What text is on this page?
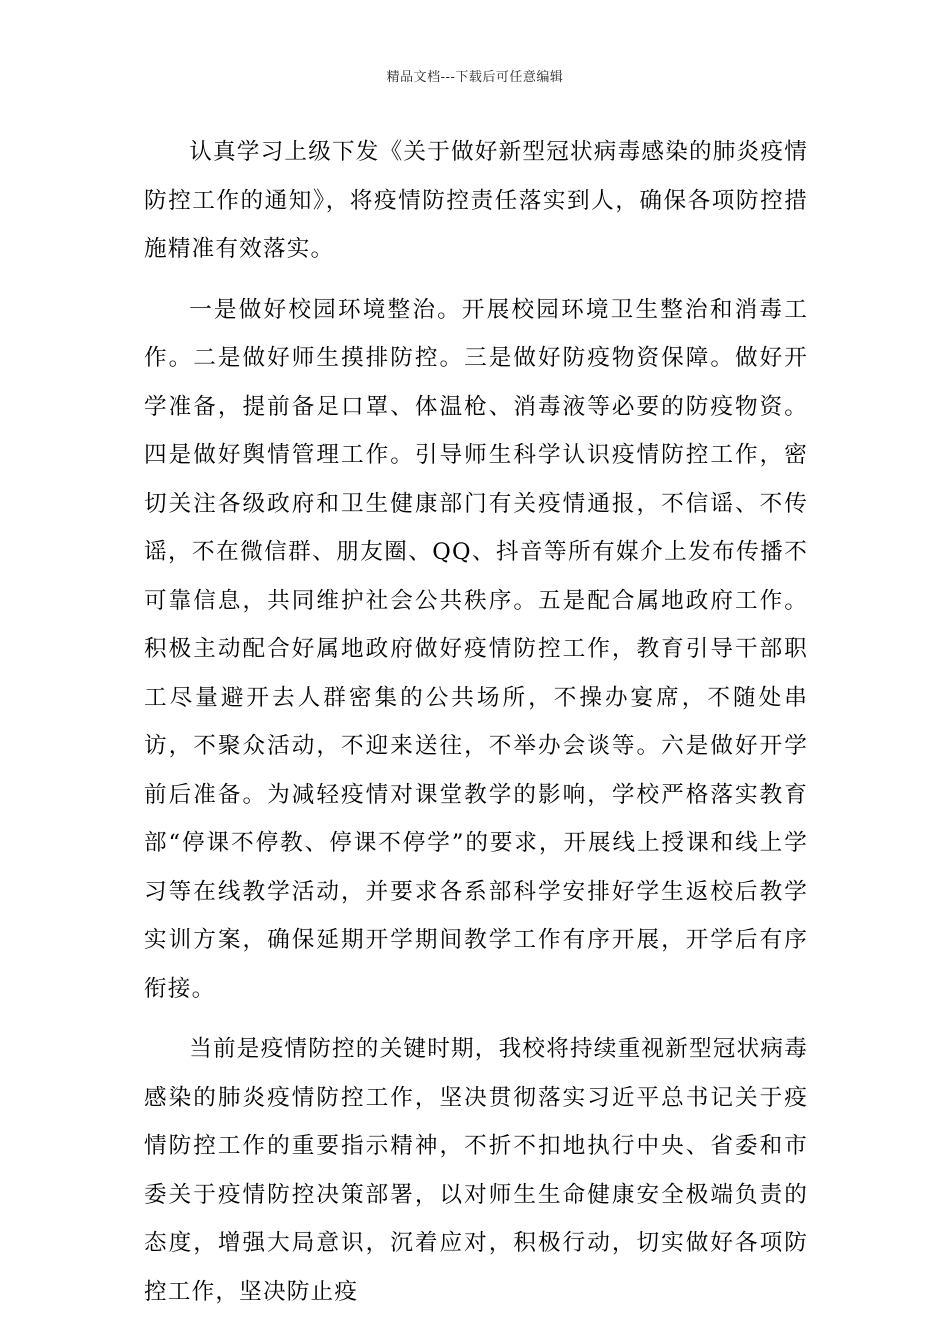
精品文档---下载后可任意编辑

认真学习上级下发《关于做好新型冠状病毒感染的肺炎疫情防控工作的通知》，将疫情防控责任落实到人，确保各项防控措施精准有效落实。

一是做好校园环境整治。开展校园环境卫生整治和消毒工作。二是做好师生摸排防控。三是做好防疫物资保障。做好开学准备，提前备足口罩、体温枪、消毒液等必要的防疫物资。四是做好舆情管理工作。引导师生科学认识疫情防控工作，密切关注各级政府和卫生健康部门有关疫情通报，不信谣、不传谣，不在微信群、朋友圈、QQ、抖音等所有媒介上发布传播不可靠信息，共同维护社会公共秩序。五是配合属地政府工作。积极主动配合好属地政府做好疫情防控工作，教育引导干部职工尽量避开去人群密集的公共场所，不操办宴席，不随处串访，不聚众活动，不迎来送往，不举办会谈等。六是做好开学前后准备。为减轻疫情对课堂教学的影响，学校严格落实教育部“停课不停教、停课不停学”的要求，开展线上授课和线上学习等在线教学活动，并要求各系部科学安排好学生返校后教学实训方案，确保延期开学期间教学工作有序开展，开学后有序衔接。

当前是疫情防控的关键时期，我校将持续重视新型冠状病毒感染的肺炎疫情防控工作，坚决贯彻落实习近平总书记关于疫情防控工作的重要指示精神，不折不扣地执行中央、省委和市委关于疫情防控决策部署，以对师生生命健康安全极端负责的态度，增强大局意识，沉着应对，积极行动，切实做好各项防控工作，坚决防止疫
